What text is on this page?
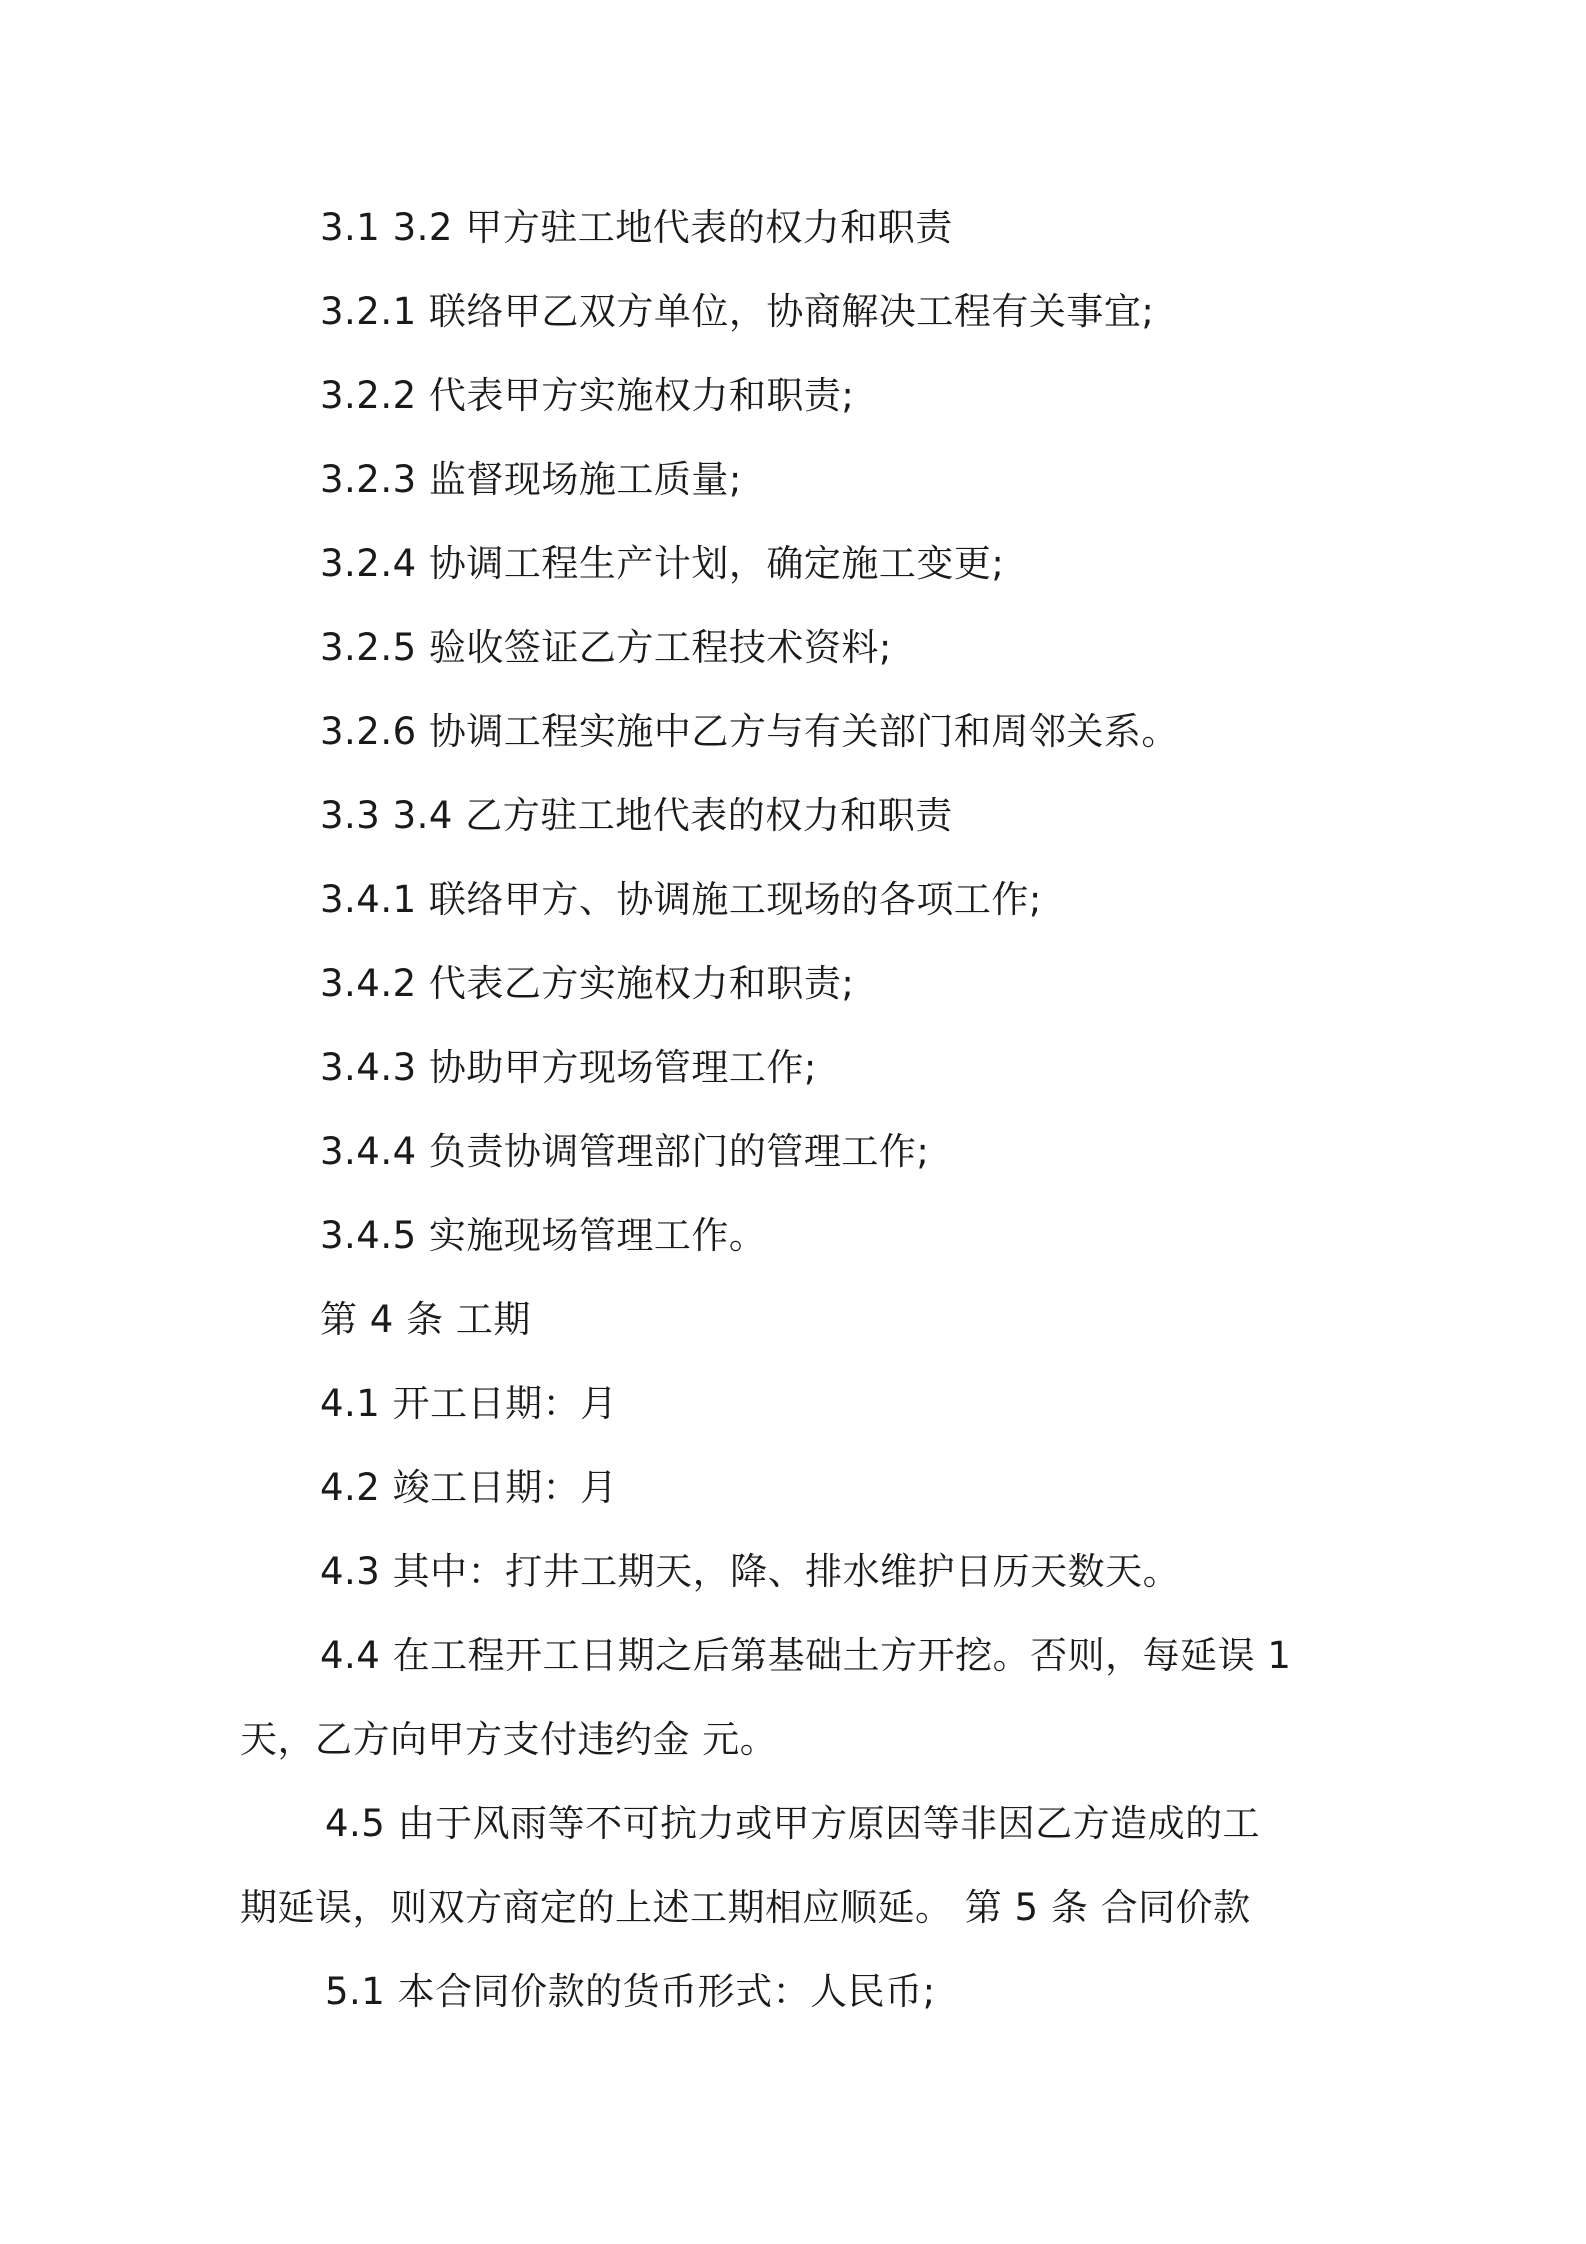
3.1 3.2 甲方驻工地代表的权力和职责
3.2.1 联络甲乙双方单位，协商解决工程有关事宜;
3.2.2 代表甲方实施权力和职责;
3.2.3 监督现场施工质量;
3.2.4 协调工程生产计划，确定施工变更;
3.2.5 验收签证乙方工程技术资料;
3.2.6 协调工程实施中乙方与有关部门和周邻关系。
3.3 3.4 乙方驻工地代表的权力和职责
3.4.1 联络甲方、协调施工现场的各项工作;
3.4.2 代表乙方实施权力和职责;
3.4.3 协助甲方现场管理工作;
3.4.4 负责协调管理部门的管理工作;
3.4.5 实施现场管理工作。
第 4 条 工期
4.1 开工日期：月
4.2 竣工日期：月
4.3 其中：打井工期天，降、排水维护日历天数天。
4.4 在工程开工日期之后第基础土方开挖。否则，每延误 1
天，乙方向甲方支付违约金 元。
4.5 由于风雨等不可抗力或甲方原因等非因乙方造成的工
期延误，则双方商定的上述工期相应顺延。 第 5 条 合同价款
5.1 本合同价款的货币形式：人民币;
